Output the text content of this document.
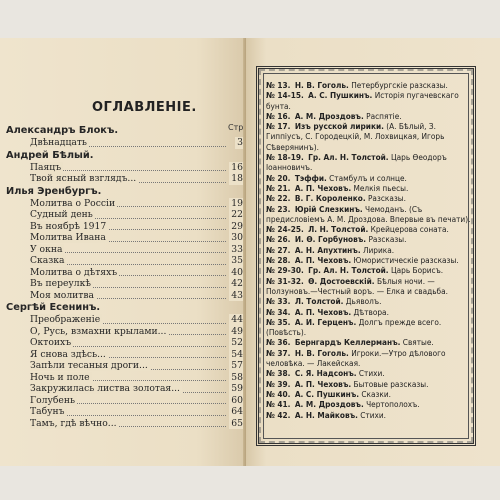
ОГЛАВЛЕНІЕ.
Стр
Александръ Блокъ.
Двѣнадцать	3
Андрей Бѣлый.
Паяцъ	16
Твой ясный взглядъ...	18
Илья Эренбургъ.
Молитва о Россіи	19
Судный день	22
Въ ноябрѣ 1917	29
Молитва Ивана	30
У окна	33
Сказка	35
Молитва о дѣтяхъ	40
Въ переулкѣ	42
Моя молитва	43
Сергѣй Есенинъ.
Преображеніе	44
О, Русь, взмахни крылами...	49
Октоихъ	52
Я снова здѣсь...	54
Запѣли тесаныя дроги...	57
Ночь и поле	58
Закружилась листва золотая...	59
Голубень	60
Табунъ	64
Тамъ, гдѣ вѣчно...	65
№ 13. Н. В. Гоголь. Петербургскіе разсказы.
№ 14-15. А. С. Пушкинъ. Исторія пугачевскаго бунта.
№ 16. А. М. Дроздовъ. Распятіе.
№ 17. Изъ русской лирики. (А. Бѣлый, З. Гиппіусъ, С. Городецкій, М. Лохвицкая, Игорь Сѣверянинъ).
№ 18-19. Гр. Ал. Н. Толстой. Царь Ѳеодоръ Іоанновичъ.
№ 20. Тэффи. Стамбулъ и солнце.
№ 21. А. П. Чеховъ. Мелкія пьесы.
№ 22. В. Г. Короленко. Разсказы.
№ 23. Юрій Слезкинъ. Чемоданъ. (Съ предисловіемъ А. М. Дроздова. Впервые въ печати).
№ 24-25. Л. Н. Толстой. Крейцерова соната.
№ 26. И. Ѳ. Горбуновъ. Разсказы.
№ 27. А. Н. Апухтинъ. Лирика.
№ 28. А. П. Чеховъ. Юмористическіе разсказы.
№ 29-30. Гр. Ал. Н. Толстой. Царь Борисъ.
№ 31-32. Ѳ. Достоевскій. Бѣлыя ночи. — Ползуновъ.—Честный воръ. — Елка и свадьба.
№ 33. Л. Толстой. Дьяволъ.
№ 34. А. П. Чеховъ. Дѣтвора.
№ 35. А. И. Герценъ. Долгъ прежде всего. (Повѣсть).
№ 36. Бернгардъ Келлерманъ. Святые.
№ 37. Н. В. Гоголь. Игроки.—Утро дѣлового человѣка. — Лакейская.
№ 38. С. Я. Надсонъ. Стихи.
№ 39. А. П. Чеховъ. Бытовые разсказы.
№ 40. А. С. Пушкинъ. Сказки.
№ 41. А. М. Дроздовъ. Чертополохъ.
№ 42. А. Н. Майковъ. Стихи.
